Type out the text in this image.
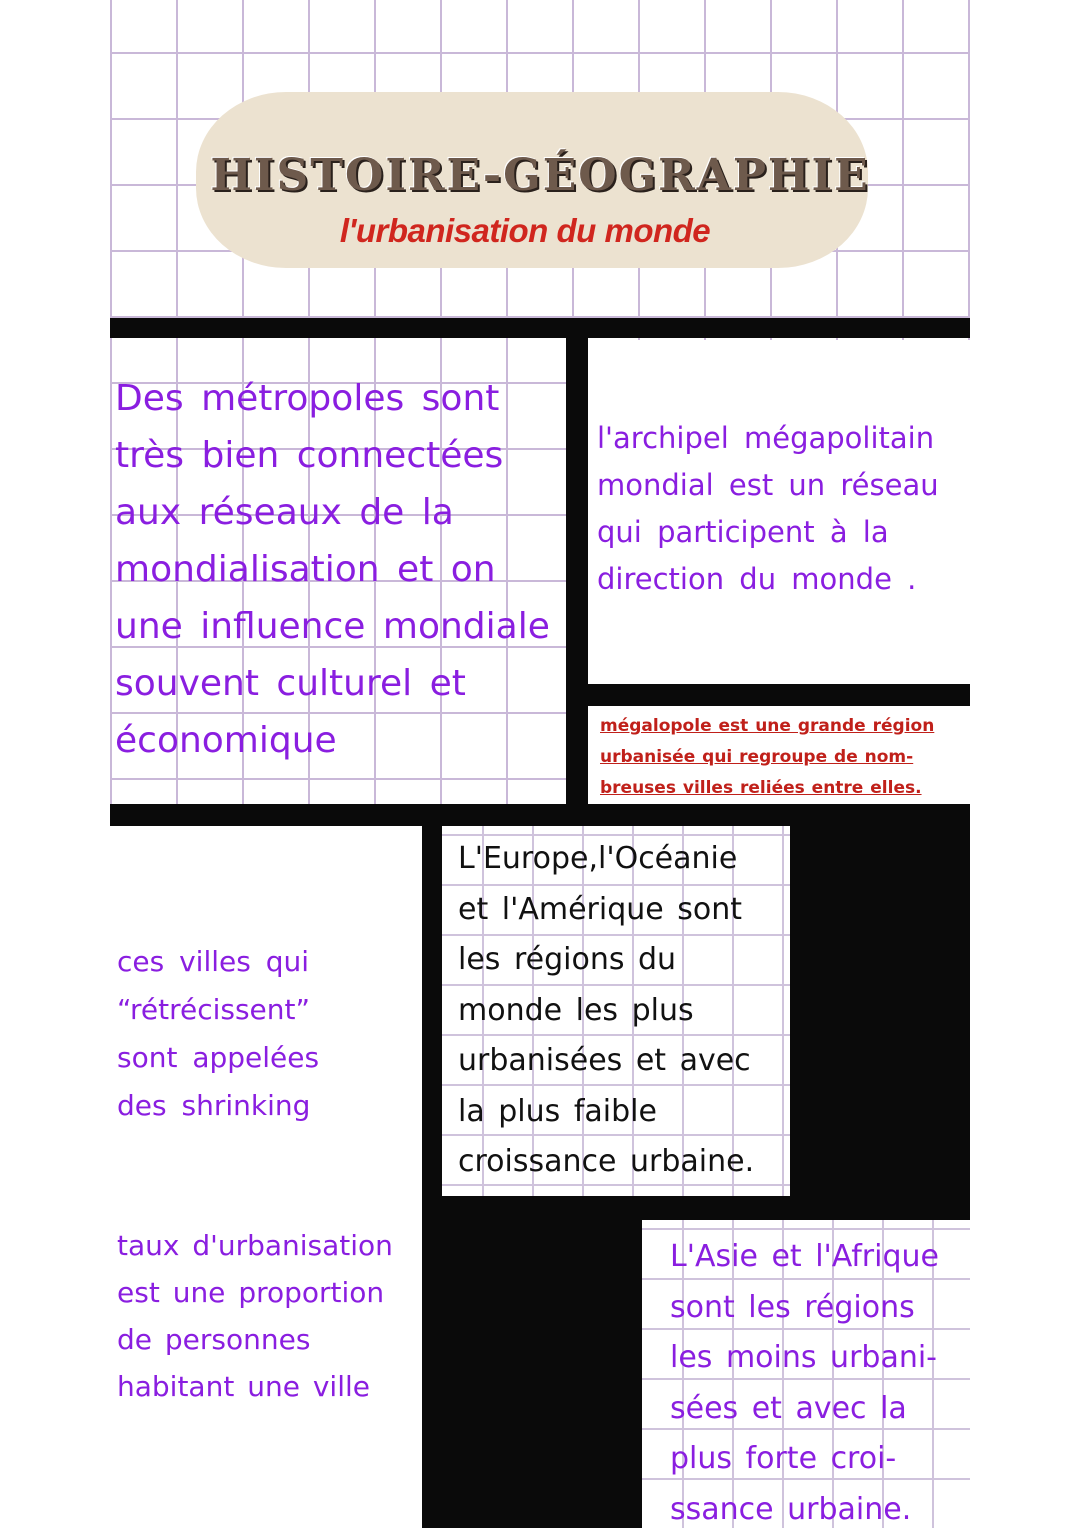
HISTOIRE-GÉOGRAPHIE
l'urbanisation du monde

Des métropoles sont
très bien connectées
aux réseaux de la
mondialisation et on
une influence mondiale
souvent culturel et
économique

l'archipel mégapolitain
mondial est un réseau
qui participent à la
direction du monde .

mégalopole est une grande région
urbanisée qui regroupe de nom-
breuses villes reliées entre elles.

ces villes qui
“rétrécissent”
sont appelées
des shrinking

L'Europe,l'Océanie
et l'Amérique sont
les régions du
monde les plus
urbanisées et avec
la plus faible
croissance urbaine.

taux d'urbanisation
est une proportion
de personnes
habitant une ville

L'Asie et l'Afrique
sont les régions
les moins urbani-
sées et avec la
plus forte croi-
ssance urbaine.
